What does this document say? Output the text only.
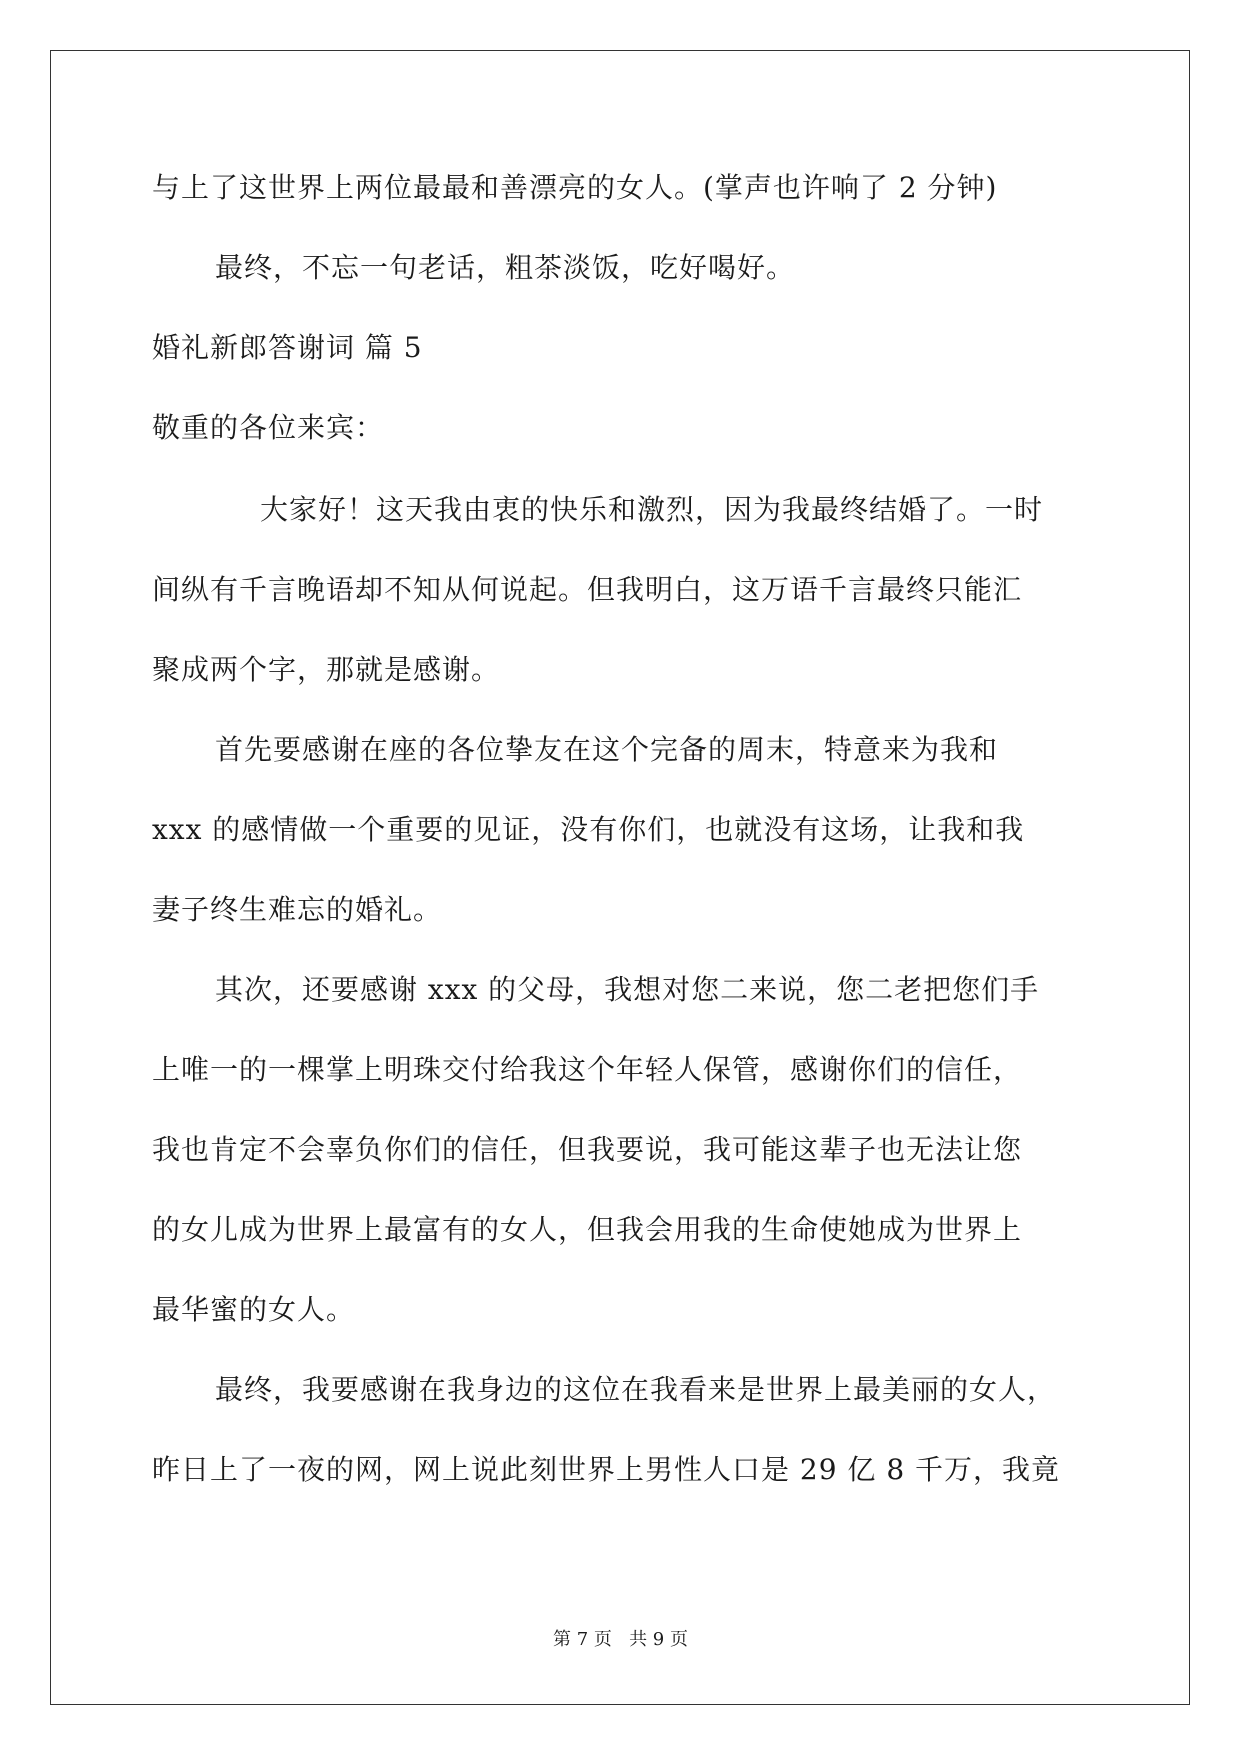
与上了这世界上两位最最和善漂亮的女人。(掌声也许响了 2 分钟)
最终，不忘一句老话，粗茶淡饭，吃好喝好。
婚礼新郎答谢词 篇 5
敬重的各位来宾：
大家好！这天我由衷的快乐和激烈，因为我最终结婚了。一时
间纵有千言晚语却不知从何说起。但我明白，这万语千言最终只能汇
聚成两个字，那就是感谢。
首先要感谢在座的各位挚友在这个完备的周末，特意来为我和
xxx 的感情做一个重要的见证，没有你们，也就没有这场，让我和我
妻子终生难忘的婚礼。
其次，还要感谢 xxx 的父母，我想对您二来说，您二老把您们手
上唯一的一棵掌上明珠交付给我这个年轻人保管，感谢你们的信任，
我也肯定不会辜负你们的信任，但我要说，我可能这辈子也无法让您
的女儿成为世界上最富有的女人，但我会用我的生命使她成为世界上
最华蜜的女人。
最终，我要感谢在我身边的这位在我看来是世界上最美丽的女人，
昨日上了一夜的网，网上说此刻世界上男性人口是 29 亿 8 千万，我竟
第 7 页   共 9 页
